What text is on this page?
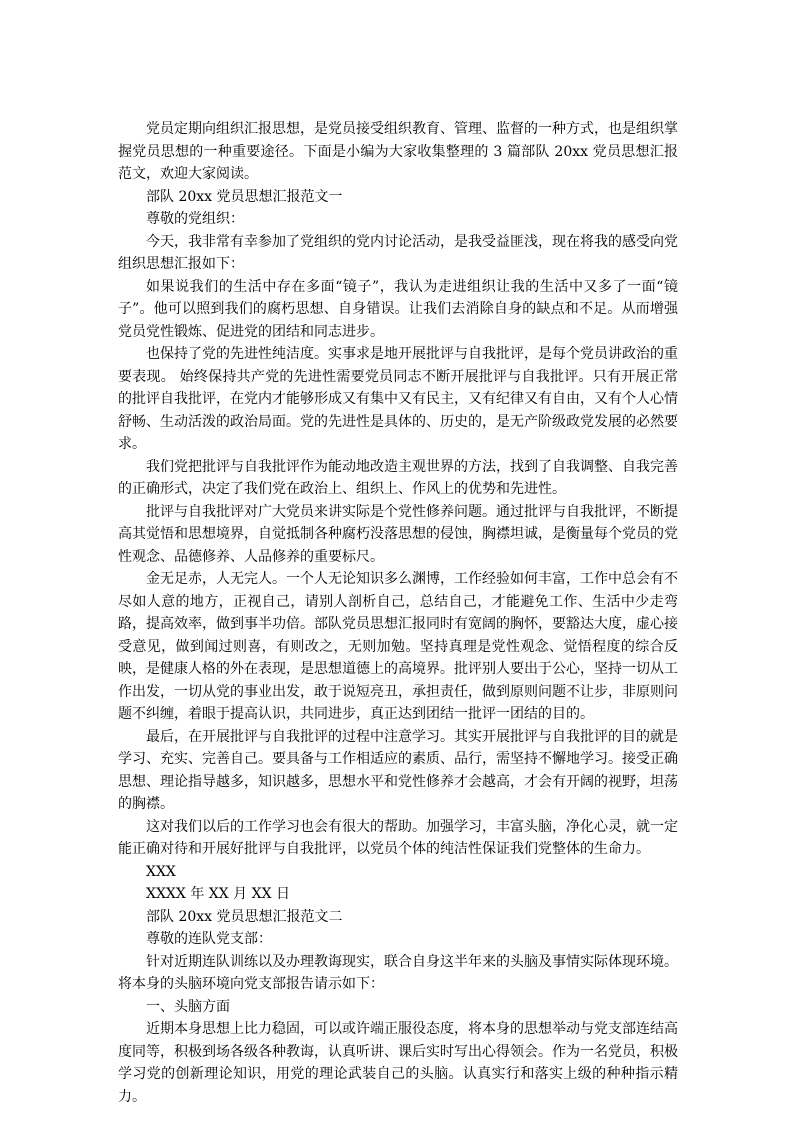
党员定期向组织汇报思想，是党员接受组织教育、管理、监督的一种方式，也是组织掌握党员思想的一种重要途径。下面是小编为大家收集整理的 3 篇部队 20xx 党员思想汇报范文，欢迎大家阅读。

部队 20xx 党员思想汇报范文一

尊敬的党组织：

今天，我非常有幸参加了党组织的党内讨论活动，是我受益匪浅，现在将我的感受向党组织思想汇报如下：

如果说我们的生活中存在多面“镜子”，我认为走进组织让我的生活中又多了一面“镜子”。他可以照到我们的腐朽思想、自身错误。让我们去消除自身的缺点和不足。从而增强党员党性锻炼、促进党的团结和同志进步。

也保持了党的先进性纯洁度。实事求是地开展批评与自我批评，是每个党员讲政治的重要表现。 始终保持共产党的先进性需要党员同志不断开展批评与自我批评。只有开展正常的批评自我批评，在党内才能够形成又有集中又有民主，又有纪律又有自由，又有个人心情舒畅、生动活泼的政治局面。党的先进性是具体的、历史的，是无产阶级政党发展的必然要求。

我们党把批评与自我批评作为能动地改造主观世界的方法，找到了自我调整、自我完善的正确形式，决定了我们党在政治上、组织上、作风上的优势和先进性。

批评与自我批评对广大党员来讲实际是个党性修养问题。通过批评与自我批评，不断提高其觉悟和思想境界，自觉抵制各种腐朽没落思想的侵蚀，胸襟坦诚，是衡量每个党员的党性观念、品德修养、人品修养的重要标尺。

金无足赤，人无完人。一个人无论知识多么渊博，工作经验如何丰富，工作中总会有不尽如人意的地方，正视自己，请别人剖析自己，总结自己，才能避免工作、生活中少走弯路，提高效率，做到事半功倍。部队党员思想汇报同时有宽阔的胸怀，要豁达大度，虚心接受意见，做到闻过则喜，有则改之，无则加勉。坚持真理是党性观念、觉悟程度的综合反映，是健康人格的外在表现，是思想道德上的高境界。批评别人要出于公心，坚持一切从工作出发，一切从党的事业出发，敢于说短亮丑，承担责任，做到原则问题不让步，非原则问题不纠缠，着眼于提高认识，共同进步，真正达到团结一批评一团结的目的。

最后，在开展批评与自我批评的过程中注意学习。其实开展批评与自我批评的目的就是学习、充实、完善自己。要具备与工作相适应的素质、品行，需坚持不懈地学习。接受正确思想、理论指导越多，知识越多，思想水平和党性修养才会越高，才会有开阔的视野，坦荡的胸襟。

这对我们以后的工作学习也会有很大的帮助。加强学习，丰富头脑，净化心灵，就一定能正确对待和开展好批评与自我批评，以党员个体的纯洁性保证我们党整体的生命力。

XXX

XXXX 年 XX 月 XX 日

部队 20xx 党员思想汇报范文二

尊敬的连队党支部：

针对近期连队训练以及办理教诲现实，联合自身这半年来的头脑及事情实际体现环境。将本身的头脑环境向党支部报告请示如下：

一、头脑方面

近期本身思想上比力稳固，可以或许端正服役态度，将本身的思想举动与党支部连结高度同等，积极到场各级各种教诲，认真听讲、课后实时写出心得领会。作为一名党员，积极学习党的创新理论知识，用党的理论武装自己的头脑。认真实行和落实上级的种种指示精力。
